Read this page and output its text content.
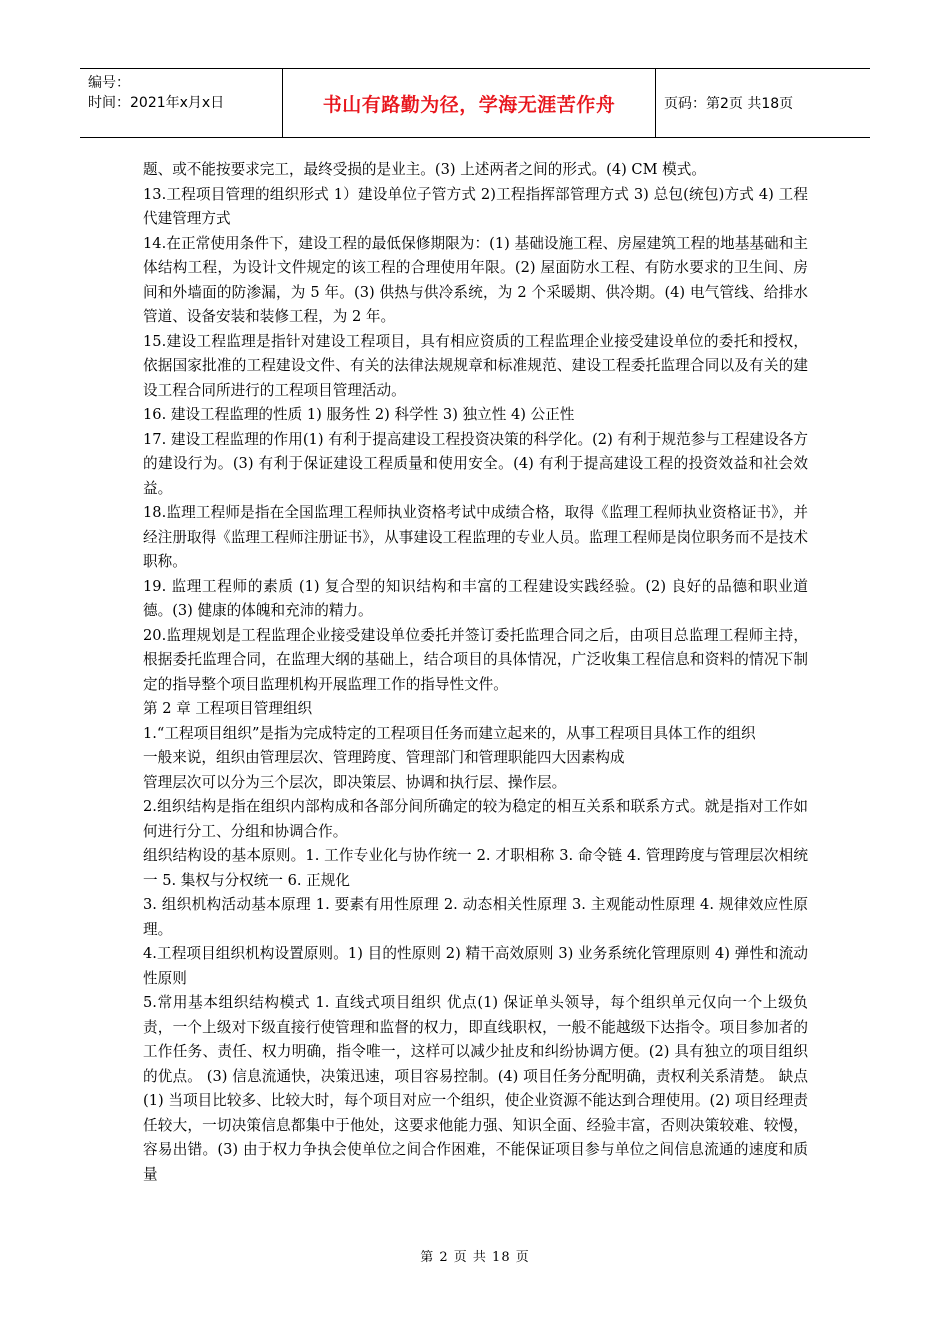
编号：
时间：2021年x月x日	书山有路勤为径，学海无涯苦作舟	页码：第2页 共18页

题、或不能按要求完工，最终受损的是业主。(3) 上述两者之间的形式。(4) CM 模式。

13.工程项目管理的组织形式 1）建设单位子管方式 2)工程指挥部管理方式 3) 总包(统包)方式 4) 工程代建管理方式

14.在正常使用条件下，建设工程的最低保修期限为：(1) 基础设施工程、房屋建筑工程的地基基础和主体结构工程，为设计文件规定的该工程的合理使用年限。(2) 屋面防水工程、有防水要求的卫生间、房间和外墙面的防渗漏，为 5 年。(3) 供热与供冷系统，为 2 个采暖期、供冷期。(4) 电气管线、给排水管道、设备安装和装修工程，为 2 年。

15.建设工程监理是指针对建设工程项目，具有相应资质的工程监理企业接受建设单位的委托和授权，依据国家批准的工程建设文件、有关的法律法规规章和标准规范、建设工程委托监理合同以及有关的建设工程合同所进行的工程项目管理活动。

16. 建设工程监理的性质 1) 服务性 2) 科学性 3) 独立性 4) 公正性

17. 建设工程监理的作用(1) 有利于提高建设工程投资决策的科学化。(2) 有利于规范参与工程建设各方的建设行为。(3) 有利于保证建设工程质量和使用安全。(4) 有利于提高建设工程的投资效益和社会效益。

18.监理工程师是指在全国监理工程师执业资格考试中成绩合格，取得《监理工程师执业资格证书》，并经注册取得《监理工程师注册证书》，从事建设工程监理的专业人员。监理工程师是岗位职务而不是技术职称。

19. 监理工程师的素质 (1) 复合型的知识结构和丰富的工程建设实践经验。(2) 良好的品德和职业道德。(3) 健康的体魄和充沛的精力。

20.监理规划是工程监理企业接受建设单位委托并签订委托监理合同之后，由项目总监理工程师主持，根据委托监理合同，在监理大纲的基础上，结合项目的具体情况，广泛收集工程信息和资料的情况下制定的指导整个项目监理机构开展监理工作的指导性文件。

第 2 章 工程项目管理组织

1.“工程项目组织”是指为完成特定的工程项目任务而建立起来的，从事工程项目具体工作的组织

一般来说，组织由管理层次、管理跨度、管理部门和管理职能四大因素构成

管理层次可以分为三个层次，即决策层、协调和执行层、操作层。

2.组织结构是指在组织内部构成和各部分间所确定的较为稳定的相互关系和联系方式。就是指对工作如何进行分工、分组和协调合作。

组织结构设的基本原则。1. 工作专业化与协作统一 2. 才职相称 3. 命令链 4. 管理跨度与管理层次相统一 5. 集权与分权统一 6. 正规化

3. 组织机构活动基本原理 1. 要素有用性原理 2. 动态相关性原理 3. 主观能动性原理 4. 规律效应性原理。

4.工程项目组织机构设置原则。1) 目的性原则 2) 精干高效原则 3) 业务系统化管理原则 4) 弹性和流动性原则

5.常用基本组织结构模式 1. 直线式项目组织 优点(1) 保证单头领导，每个组织单元仅向一个上级负责，一个上级对下级直接行使管理和监督的权力，即直线职权，一般不能越级下达指令。项目参加者的工作任务、责任、权力明确，指令唯一，这样可以减少扯皮和纠纷协调方便。(2) 具有独立的项目组织的优点。 (3) 信息流通快，决策迅速，项目容易控制。(4) 项目任务分配明确，责权利关系清楚。 缺点(1) 当项目比较多、比较大时，每个项目对应一个组织，使企业资源不能达到合理使用。(2) 项目经理责任较大，一切决策信息都集中于他处，这要求他能力强、知识全面、经验丰富，否则决策较难、较慢，容易出错。(3) 由于权力争执会使单位之间合作困难，不能保证项目参与单位之间信息流通的速度和质量

第 2 页 共 18 页
